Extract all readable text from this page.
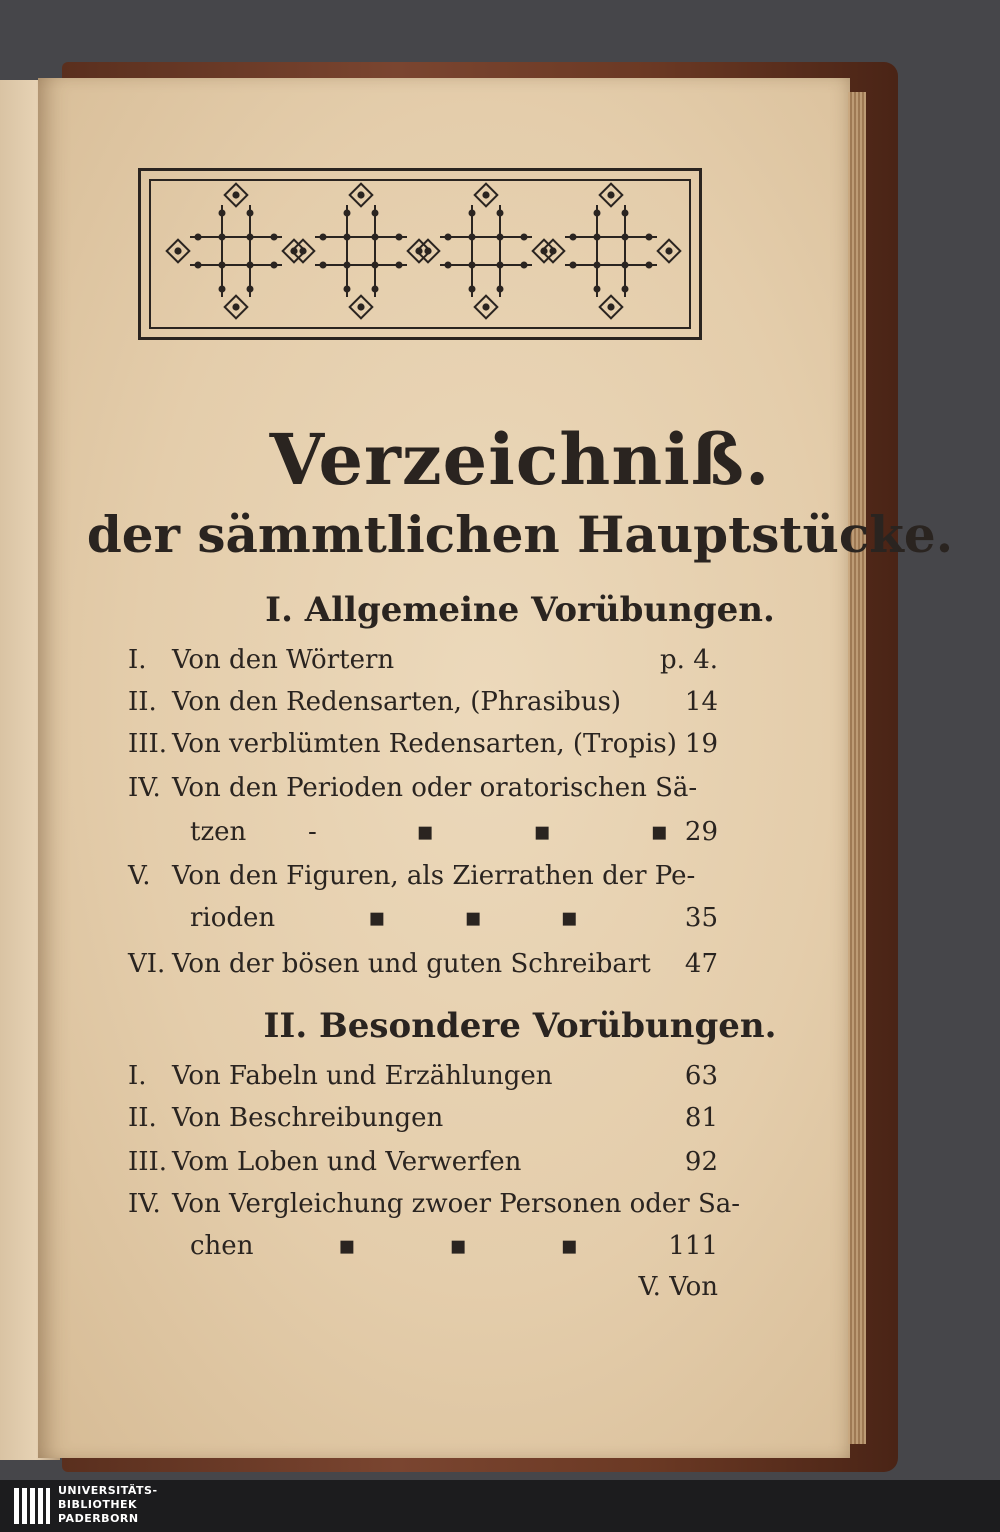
Verzeichniß.
der sämmtlichen Hauptstücke.
I. Allgemeine Vorübungen.
I. Von den Wörtern	p. 4.
II. Von den Redensarten, (Phrasibus) 14
III. Von verblümten Redensarten, (Tropis) 19
IV. Von den Perioden oder oratorischen Sä-
tzen -	▪	▪	▪ 29
V. Von den Figuren, als Zierrathen der Pe-
rioden	▪	▪	▪	35
VI. Von der bösen und guten Schreibart 47
II. Besondere Vorübungen.
I. Von Fabeln und Erzählungen	63
II. Von Beschreibungen	81
III. Vom Loben und Verwerfen	92
IV. Von Vergleichung zwoer Personen oder Sa-
chen	▪	▪	▪	111
V. Von
UNIVERSITÄTS-
BIBLIOTHEK
PADERBORN
